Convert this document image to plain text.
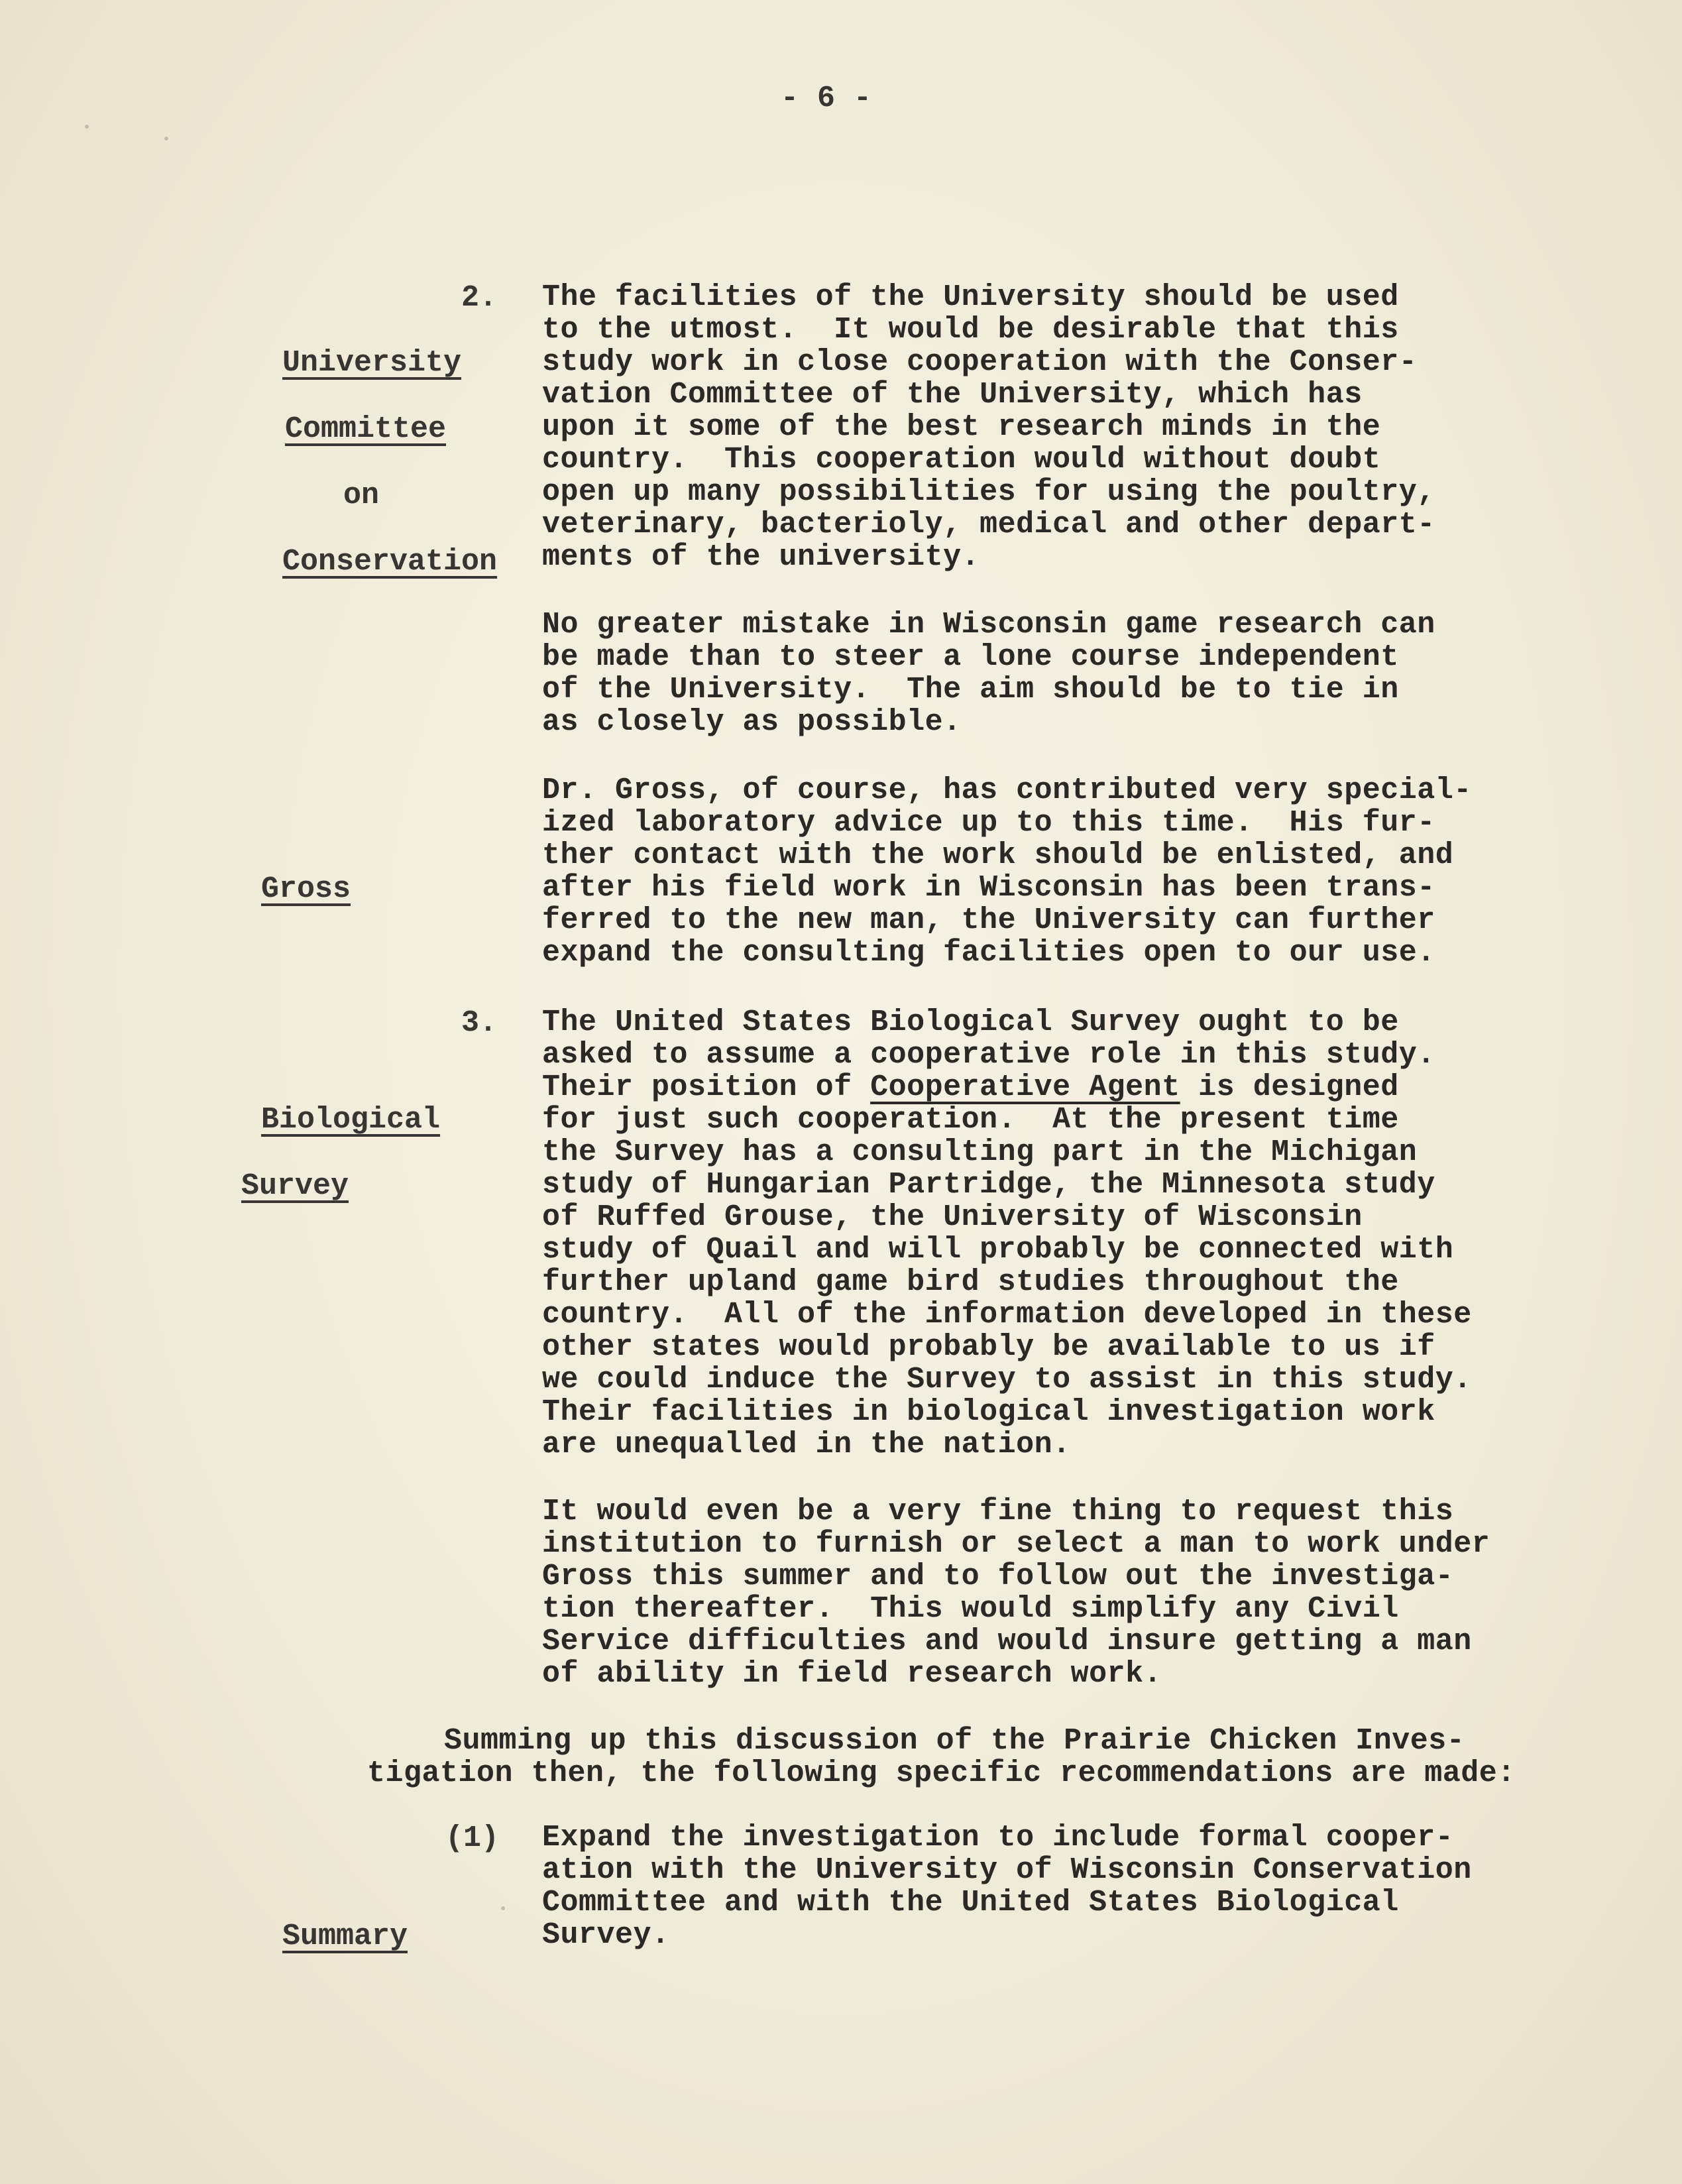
- 6 -
2.
University
Committee
on
Conservation
The facilities of the University should be used
to the utmost.  It would be desirable that this
study work in close cooperation with the Conser-
vation Committee of the University, which has
upon it some of the best research minds in the
country.  This cooperation would without doubt
open up many possibilities for using the poultry,
veterinary, bacterioly, medical and other depart-
ments of the university.
No greater mistake in Wisconsin game research can
be made than to steer a lone course independent
of the University.  The aim should be to tie in
as closely as possible.
Gross
Dr. Gross, of course, has contributed very special-
ized laboratory advice up to this time.  His fur-
ther contact with the work should be enlisted, and
after his field work in Wisconsin has been trans-
ferred to the new man, the University can further
expand the consulting facilities open to our use.
3.
Biological
Survey
The United States Biological Survey ought to be
asked to assume a cooperative role in this study.
Their position of Cooperative Agent is designed
for just such cooperation.  At the present time
the Survey has a consulting part in the Michigan
study of Hungarian Partridge, the Minnesota study
of Ruffed Grouse, the University of Wisconsin
study of Quail and will probably be connected with
further upland game bird studies throughout the
country.  All of the information developed in these
other states would probably be available to us if
we could induce the Survey to assist in this study.
Their facilities in biological investigation work
are unequalled in the nation.
It would even be a very fine thing to request this
institution to furnish or select a man to work under
Gross this summer and to follow out the investiga-
tion thereafter.  This would simplify any Civil
Service difficulties and would insure getting a man
of ability in field research work.
Summing up this discussion of the Prairie Chicken Inves-
tigation then, the following specific recommendations are made:
(1)
Summary
Expand the investigation to include formal cooper-
ation with the University of Wisconsin Conservation
Committee and with the United States Biological
Survey.
